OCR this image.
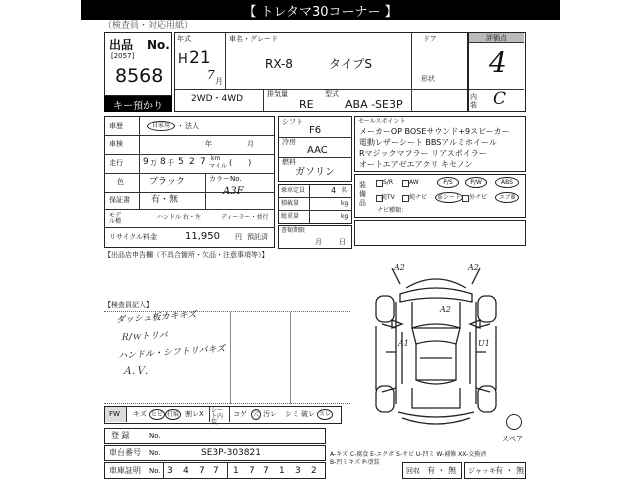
【 トレタマ30コーナー 】
（検査員・対応用紙）
出品 No.
[2057]
8568
キー預かり
年式
H 21
7 月
車名・グレード
RX-8	タイプS
ドア
形状
2WD・4WD	排気量
RE
型式
ABA -SE3P
評価点
4
内装 C
車歴	自家用	・ 法人
車検	年	月
走行 9 万 8 千 5 2 7 km
マイル (　　)
色	ブラック	カラーNo.
A3F
保証書 有・無
モデル種
ハンドル 右・左	ディーラー・並行
リサイクル料金	11,950 円 預託済
シフト
F6
冷房
AAC
燃料
ガソリン
乗車定員	4 名
積載量	kg
総重量	kg
書類期限
月 日
セールスポイント
メーカーOP BOSEサウンド+9スピーカー
電動レザーシート BBSアルミホイール
Rマジックマフラー リアスポイラー
オートエアゼエアクリ キセノン
装備品
S/R	AW	P/S	P/W	ABS
純TV 純ナビ	革シート	外ナビ	エアB
ナビ種類：
【出品店申告欄（不具合箇所・欠品・注意事項等）】
【検査員記入】
ダッシュ板カキキズ
Ｒ/ｗトリバ
ハンドル・シフトリバキズ
Ａ.Ｖ.
A2	A2
A2
A1	U1
スペア
FW キズ ヒビ 打痕 割レX シート内装
コゲ 穴 汚レ シミ 破レ スレ
登 録	No.
車台番号 No.	SE3P-303821
車庫証明 No. 3 4 7 7 1 7 7 1 3 2
A-キズ C-腐食 E-エクボ S-サビ U-凹ミ W-補修 XX-交換済
B-凹ミキズ P-塗装
回収 有 ・ 無 ジャッキ 有 ・ 無
